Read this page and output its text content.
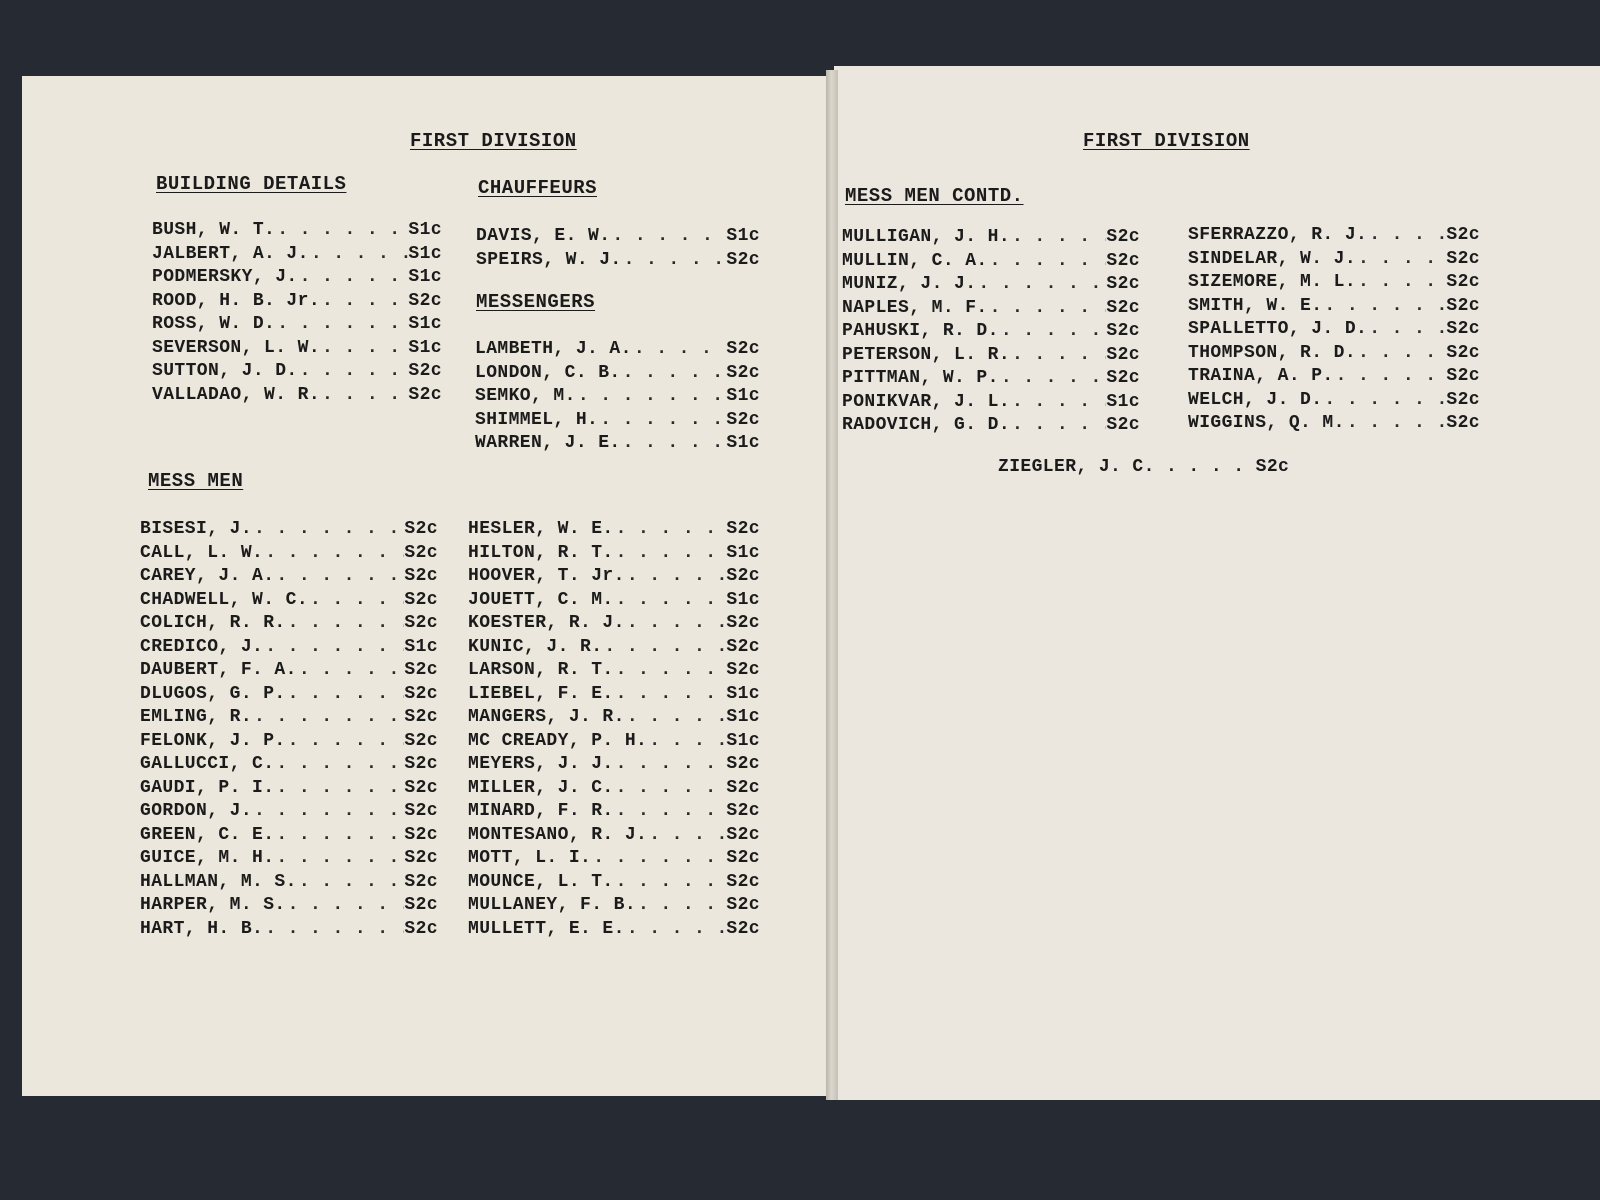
FIRST DIVISION
BUILDING DETAILS
BUSH, W. T. . . .	S1c
JALBERT, A. J. . . .	S1c
PODMERSKY, J. . . .	S1c
ROOD, H. B. Jr. . . .	S2c
ROSS, W. D. . . .	S1c
SEVERSON, L. W. . . .	S1c
SUTTON, J. D. . . .	S2c
VALLADAO, W. R. . . .	S2c
CHAUFFEURS
DAVIS, E. W. . . .	S1c
SPEIRS, W. J. . . .	S2c
MESSENGERS
LAMBETH, J. A. . . .	S2c
LONDON, C. B. . . .	S2c
SEMKO, M. . . .	S1c
SHIMMEL, H. . . .	S2c
WARREN, J. E. . . .	S1c
MESS MEN
BISESI, J. . . .	S2c
CALL, L. W. . . .	S2c
CAREY, J. A. . . .	S2c
CHADWELL, W. C. . . .	S2c
COLICH, R. R. . . .	S2c
CREDICO, J. . . .	S1c
DAUBERT, F. A. . . .	S2c
DLUGOS, G. P. . . .	S2c
EMLING, R. . . .	S2c
FELONK, J. P. . . .	S2c
GALLUCCI, C. . . .	S2c
GAUDI, P. I. . . .	S2c
GORDON, J. . . .	S2c
GREEN, C. E. . . .	S2c
GUICE, M. H. . . .	S2c
HALLMAN, M. S. . . .	S2c
HARPER, M. S. . . .	S2c
HART, H. B. . . .	S2c
HESLER, W. E. . . .	S2c
HILTON, R. T. . . .	S1c
HOOVER, T. Jr. . . .	S2c
JOUETT, C. M. . . .	S1c
KOESTER, R. J. . . .	S2c
KUNIC, J. R. . . .	S2c
LARSON, R. T. . . .	S2c
LIEBEL, F. E. . . .	S1c
MANGERS, J. R. . . .	S1c
MC CREADY, P. H. . . .	S1c
MEYERS, J. J. . . .	S2c
MILLER, J. C. . . .	S2c
MINARD, F. R. . . .	S2c
MONTESANO, R. J. . . .	S2c
MOTT, L. I. . . .	S2c
MOUNCE, L. T. . . .	S2c
MULLANEY, F. B. . . .	S2c
MULLETT, E. E. . . .	S2c
FIRST DIVISION
MESS MEN CONTD.
MULLIGAN, J. H. . . .	S2c
MULLIN, C. A. . . .	S2c
MUNIZ, J. J. . . .	S2c
NAPLES, M. F. . . .	S2c
PAHUSKI, R. D. . . .	S2c
PETERSON, L. R. . . .	S2c
PITTMAN, W. P. . . .	S2c
PONIKVAR, J. L. . . .	S1c
RADOVICH, G. D. . . .	S2c
SFERRAZZO, R. J. . . .	S2c
SINDELAR, W. J. . . .	S2c
SIZEMORE, M. L. . . .	S2c
SMITH, W. E. . . .	S2c
SPALLETTO, J. D. . . .	S2c
THOMPSON, R. D. . . .	S2c
TRAINA, A. P. . . .	S2c
WELCH, J. D. . . .	S2c
WIGGINS, Q. M. . . .	S2c
ZIEGLER, J. C. . . . . S2c
